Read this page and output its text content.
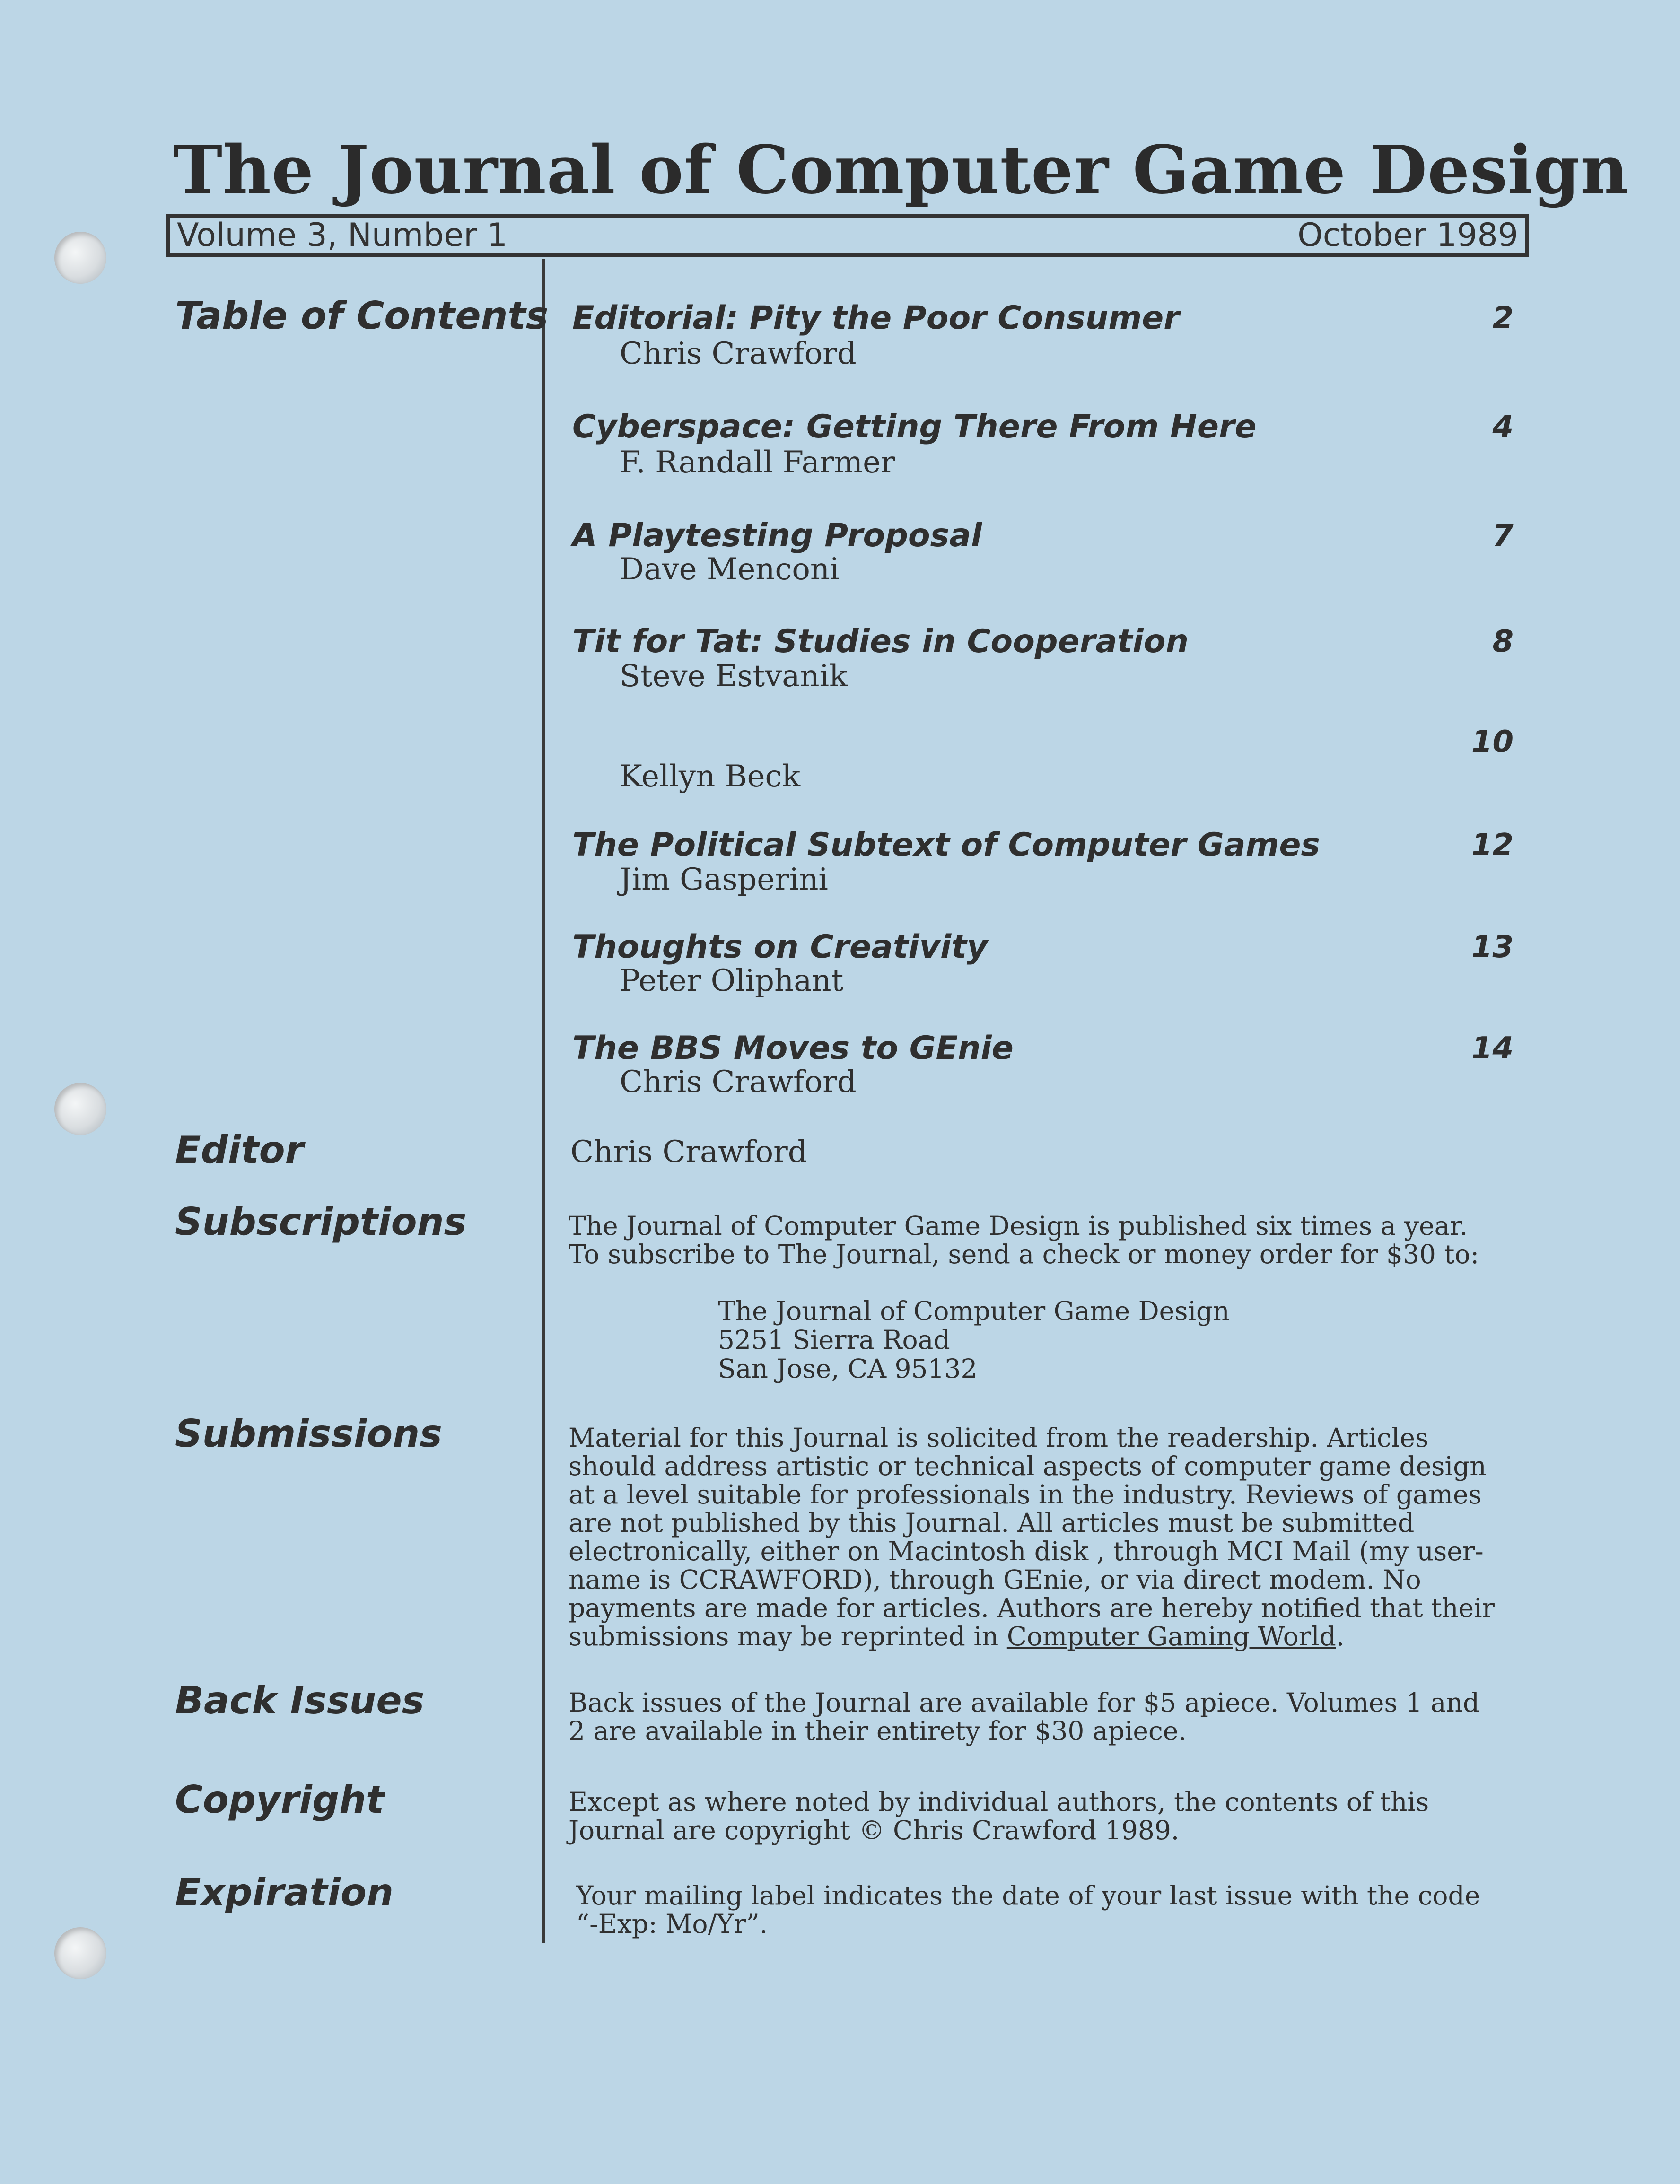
The Journal of Computer Game Design
Volume 3, Number 1	October 1989
Table of Contents
Editor
Subscriptions
Submissions
Back Issues
Copyright
Expiration
Editorial: Pity the Poor Consumer
Chris Crawford
2
Cyberspace: Getting There From Here
F. Randall Farmer
4
A Playtesting Proposal
Dave Menconi
7
Tit for Tat: Studies in Cooperation
Steve Estvanik
8
Kellyn Beck
10
The Political Subtext of Computer Games
Jim Gasperini
12
Thoughts on Creativity
Peter Oliphant
13
The BBS Moves to GEnie
Chris Crawford
14
Chris Crawford
The Journal of Computer Game Design is published six times a year.
To subscribe to The Journal, send a check or money order for $30 to:
The Journal of Computer Game Design
5251 Sierra Road
San Jose, CA 95132
Material for this Journal is solicited from the readership. Articles
should address artistic or technical aspects of computer game design
at a level suitable for professionals in the industry. Reviews of games
are not published by this Journal. All articles must be submitted
electronically, either on Macintosh disk , through MCI Mail (my user-
name is CCRAWFORD), through GEnie, or via direct modem. No
payments are made for articles. Authors are hereby notified that their
submissions may be reprinted in Computer Gaming World.
Back issues of the Journal are available for $5 apiece. Volumes 1 and
2 are available in their entirety for $30 apiece.
Except as where noted by individual authors, the contents of this
Journal are copyright © Chris Crawford 1989.
Your mailing label indicates the date of your last issue with the code
“-Exp: Mo/Yr”.
